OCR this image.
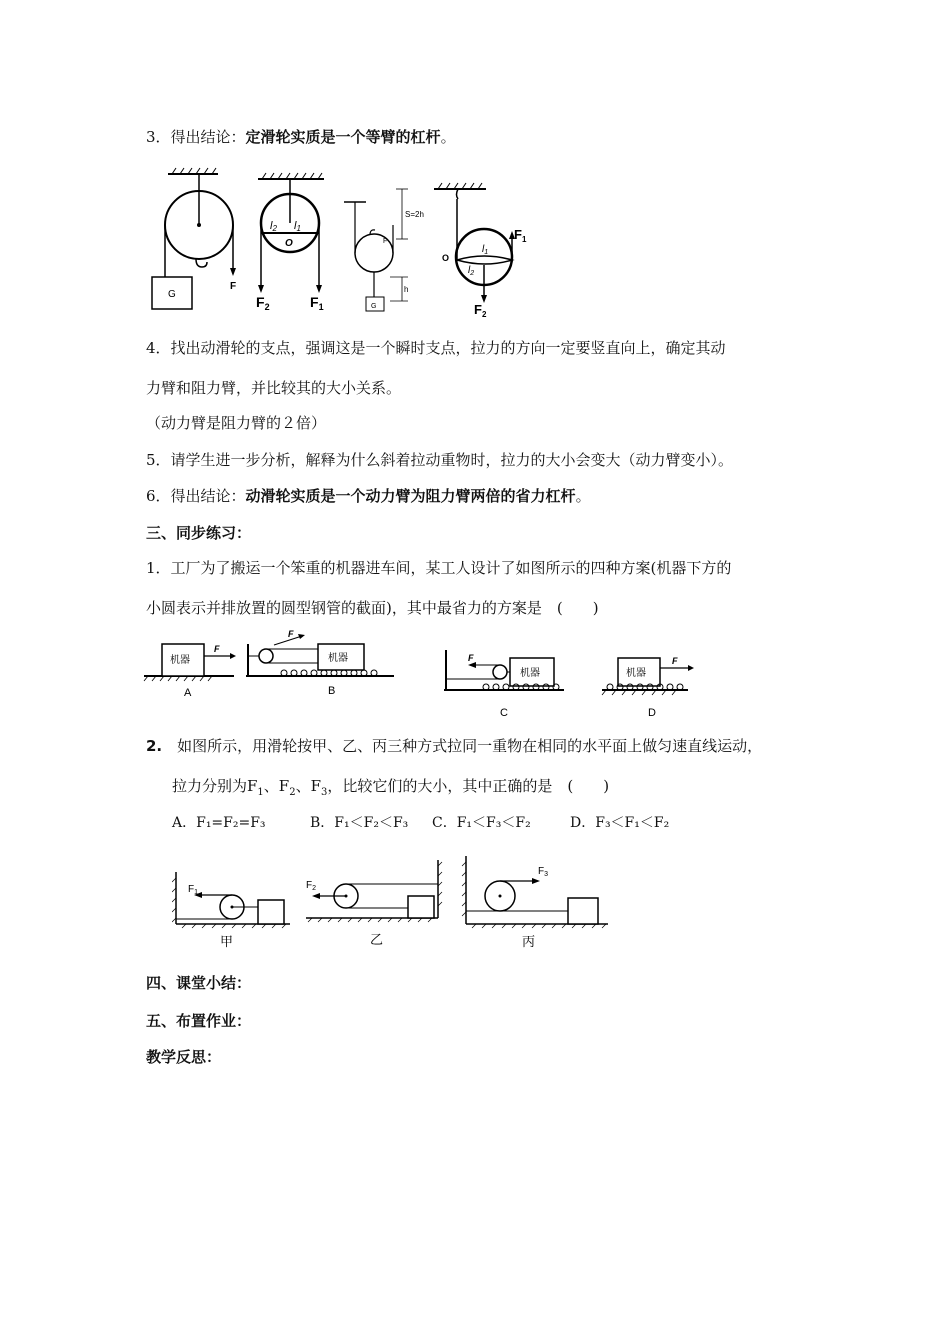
3．得出结论：定滑轮实质是一个等臂的杠杆。
G
F
l2 l1
O
$F_2$	$F_1$	G
F
S=2h
h
O
$l_1$
$l_2$
$F_1$
$F_2$
4．找出动滑轮的支点，强调这是一个瞬时支点，拉力的方向一定要竖直向上，确定其动
力臂和阻力臂，并比较其的大小关系。
（动力臂是阻力臂的２倍）
5．请学生进一步分析，解释为什么斜着拉动重物时，拉力的大小会变大（动力臂变小）。
6．得出结论：动滑轮实质是一个动力臂为阻力臂两倍的省力杠杆。
三、同步练习：
1．工厂为了搬运一个笨重的机器进车间，某工人设计了如图所示的四种方案(机器下方的
小圆表示并排放置的圆型钢管的截面)，其中最省力的方案是　(　　)
机器
F
A
F
机器
B
F
机器
C
机器
F
D
2.  如图所示，用滑轮按甲、乙、丙三种方式拉同一重物在相同的水平面上做匀速直线运动，
拉力分别为$F_1$、$F_2$、$F_3$，比较它们的大小，其中正确的是　(　　)
A．F₁=F₂=F₃	B．F₁＜F₂＜F₃ C．F₁＜F₃＜F₂	D．F₃＜F₁＜F₂
$F_1$
甲
$F_2$
乙
$F_3$
丙
四、课堂小结：
五、布置作业：
教学反思：
